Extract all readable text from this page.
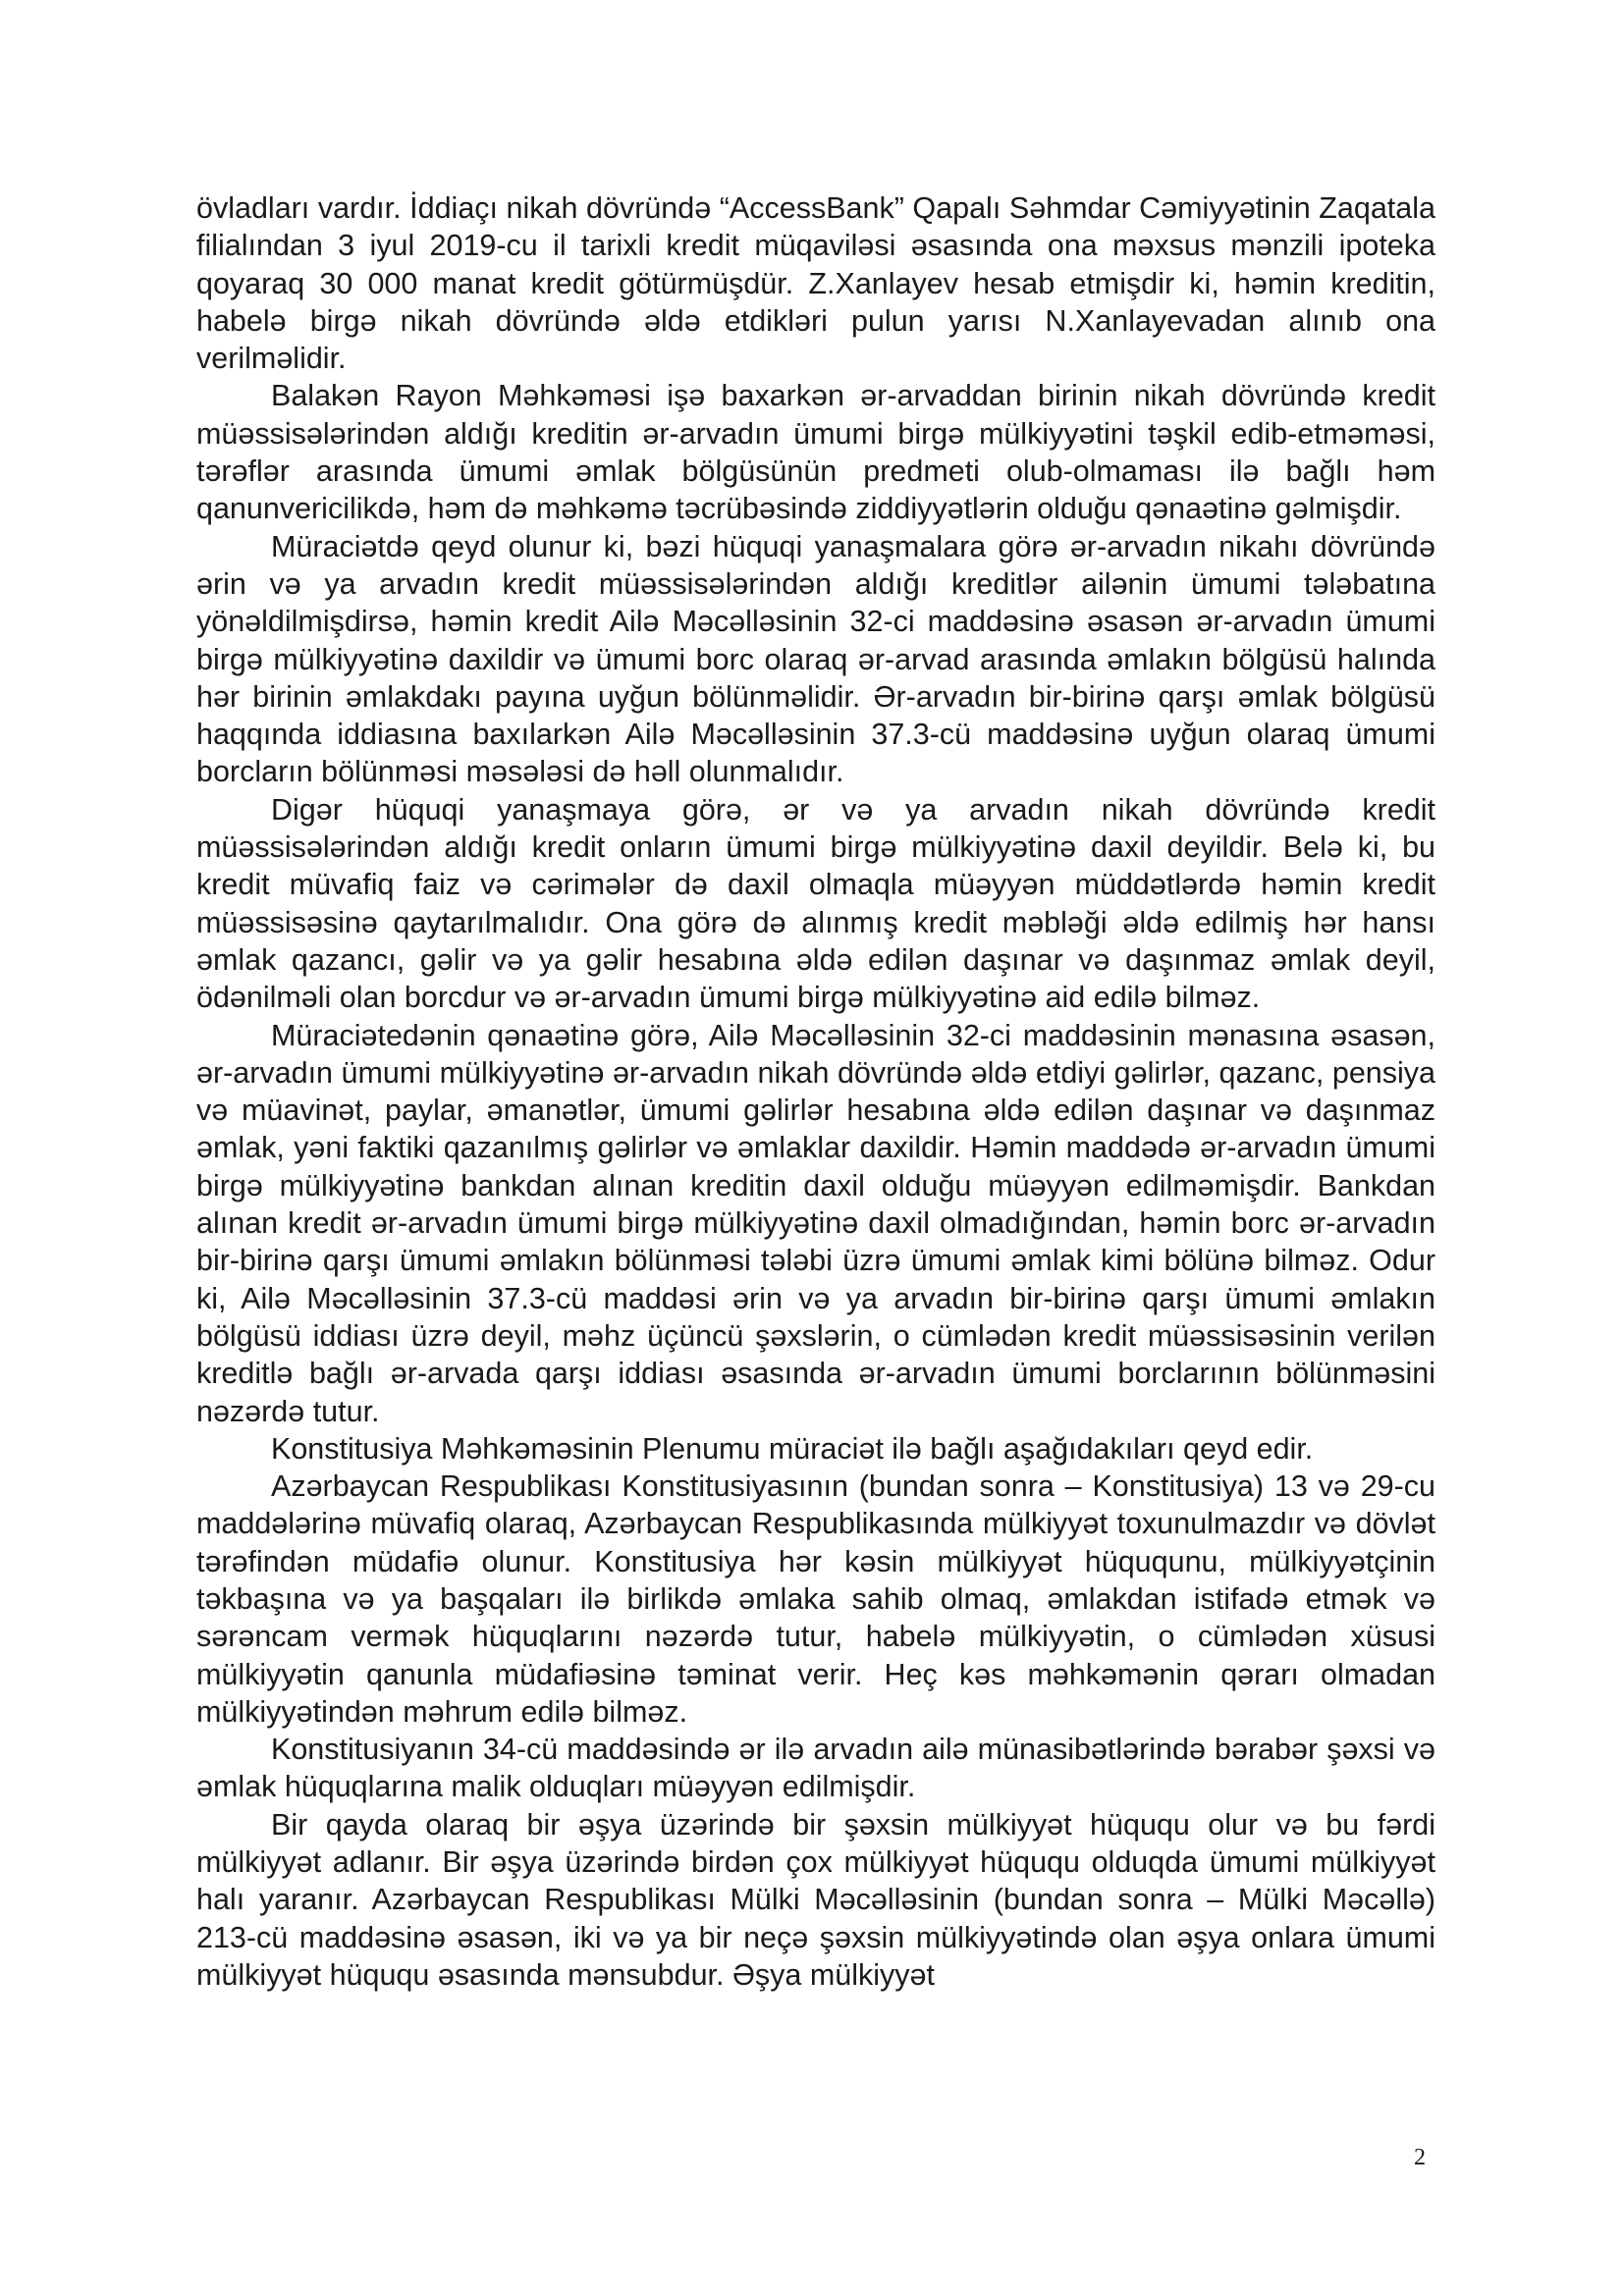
övladları vardır. İddiaçı nikah dövründə “AccessBank” Qapalı Səhmdar Cəmiyyətinin Zaqatala filialından 3 iyul 2019-cu il tarixli kredit müqaviləsi əsasında ona məxsus mənzili ipoteka qoyaraq 30 000 manat kredit götürmüşdür. Z.Xanlayev hesab etmişdir ki, həmin kreditin, habelə birgə nikah dövründə əldə etdikləri pulun yarısı N.Xanlayevadan alınıb ona verilməlidir.

Balakən Rayon Məhkəməsi işə baxarkən ər-arvaddan birinin nikah dövründə kredit müəssisələrindən aldığı kreditin ər-arvadın ümumi birgə mülkiyyətini təşkil edib-etməməsi, tərəflər arasında ümumi əmlak bölgüsünün predmeti olub-olmaması ilə bağlı həm qanunvericilikdə, həm də məhkəmə təcrübəsində ziddiyyətlərin olduğu qənaətinə gəlmişdir.

Müraciətdə qeyd olunur ki, bəzi hüquqi yanaşmalara görə ər-arvadın nikahı dövründə ərin və ya arvadın kredit müəssisələrindən aldığı kreditlər ailənin ümumi tələbatına yönəldilmişdirsə, həmin kredit Ailə Məcəlləsinin 32-ci maddəsinə əsasən ər-arvadın ümumi birgə mülkiyyətinə daxildir və ümumi borc olaraq ər-arvad arasında əmlakın bölgüsü halında hər birinin əmlakdakı payına uyğun bölünməlidir. Ər-arvadın bir-birinə qarşı əmlak bölgüsü haqqında iddiasına baxılarkən Ailə Məcəlləsinin 37.3-cü maddəsinə uyğun olaraq ümumi borcların bölünməsi məsələsi də həll olunmalıdır.

Digər hüquqi yanaşmaya görə, ər və ya arvadın nikah dövründə kredit müəssisələrindən aldığı kredit onların ümumi birgə mülkiyyətinə daxil deyildir. Belə ki, bu kredit müvafiq faiz və cərimələr də daxil olmaqla müəyyən müddətlərdə həmin kredit müəssisəsinə qaytarılmalıdır. Ona görə də alınmış kredit məbləği əldə edilmiş hər hansı əmlak qazancı, gəlir və ya gəlir hesabına əldə edilən daşınar və daşınmaz əmlak deyil, ödənilməli olan borcdur və ər-arvadın ümumi birgə mülkiyyətinə aid edilə bilməz.

Müraciətedənin qənaətinə görə, Ailə Məcəlləsinin 32-ci maddəsinin mənasına əsasən, ər-arvadın ümumi mülkiyyətinə ər-arvadın nikah dövründə əldə etdiyi gəlirlər, qazanc, pensiya və müavinət, paylar, əmanətlər, ümumi gəlirlər hesabına əldə edilən daşınar və daşınmaz əmlak, yəni faktiki qazanılmış gəlirlər və əmlaklar daxildir. Həmin maddədə ər-arvadın ümumi birgə mülkiyyətinə bankdan alınan kreditin daxil olduğu müəyyən edilməmişdir. Bankdan alınan kredit ər-arvadın ümumi birgə mülkiyyətinə daxil olmadığından, həmin borc ər-arvadın bir-birinə qarşı ümumi əmlakın bölünməsi tələbi üzrə ümumi əmlak kimi bölünə bilməz. Odur ki, Ailə Məcəlləsinin 37.3-cü maddəsi ərin və ya arvadın bir-birinə qarşı ümumi əmlakın bölgüsü iddiası üzrə deyil, məhz üçüncü şəxslərin, o cümlədən kredit müəssisəsinin verilən kreditlə bağlı ər-arvada qarşı iddiası əsasında ər-arvadın ümumi borclarının bölünməsini nəzərdə tutur.

Konstitusiya Məhkəməsinin Plenumu müraciət ilə bağlı aşağıdakıları qeyd edir.

Azərbaycan Respublikası Konstitusiyasının (bundan sonra – Konstitusiya) 13 və 29-cu maddələrinə müvafiq olaraq, Azərbaycan Respublikasında mülkiyyət toxunulmazdır və dövlət tərəfindən müdafiə olunur. Konstitusiya hər kəsin mülkiyyət hüququnu, mülkiyyətçinin təkbaşına və ya başqaları ilə birlikdə əmlaka sahib olmaq, əmlakdan istifadə etmək və sərəncam vermək hüquqlarını nəzərdə tutur, habelə mülkiyyətin, o cümlədən xüsusi mülkiyyətin qanunla müdafiəsinə təminat verir. Heç kəs məhkəmənin qərarı olmadan mülkiyyətindən məhrum edilə bilməz.

Konstitusiyanın 34-cü maddəsində ər ilə arvadın ailə münasibətlərində bərabər şəxsi və əmlak hüquqlarına malik olduqları müəyyən edilmişdir.

Bir qayda olaraq bir əşya üzərində bir şəxsin mülkiyyət hüququ olur və bu fərdi mülkiyyət adlanır. Bir əşya üzərində birdən çox mülkiyyət hüququ olduqda ümumi mülkiyyət halı yaranır. Azərbaycan Respublikası Mülki Məcəlləsinin (bundan sonra – Mülki Məcəllə) 213-cü maddəsinə əsasən, iki və ya bir neçə şəxsin mülkiyyətində olan əşya onlara ümumi mülkiyyət hüququ əsasında mənsubdur. Əşya mülkiyyət

2
